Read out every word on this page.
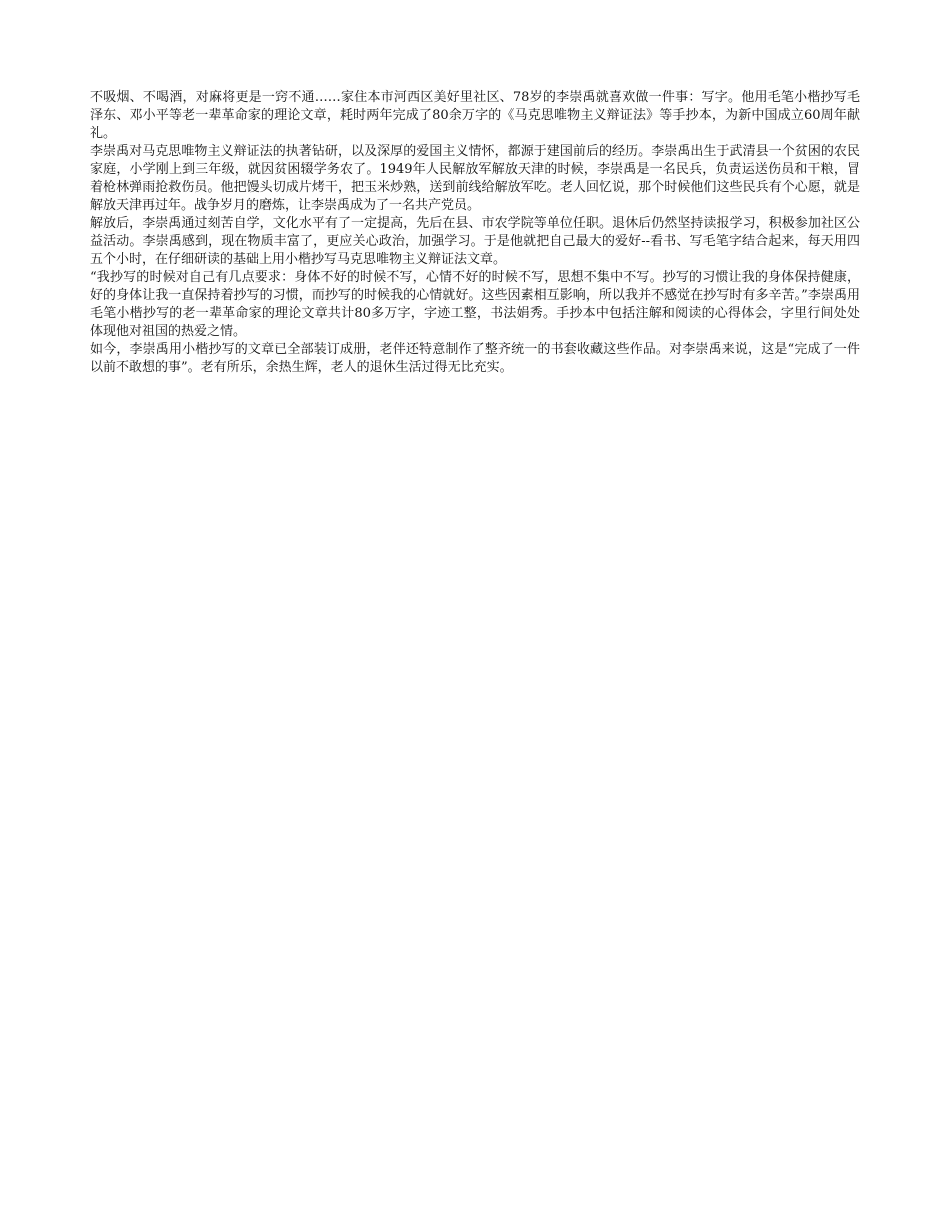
不吸烟、不喝酒，对麻将更是一窍不通……家住本市河西区美好里社区、78岁的李崇禹就喜欢做一件事：写字。他用毛笔小楷抄写毛泽东、邓小平等老一辈革命家的理论文章，耗时两年完成了80余万字的《马克思唯物主义辩证法》等手抄本，为新中国成立60周年献礼。

李崇禹对马克思唯物主义辩证法的执著钻研，以及深厚的爱国主义情怀，都源于建国前后的经历。李崇禹出生于武清县一个贫困的农民家庭，小学刚上到三年级，就因贫困辍学务农了。1949年人民解放军解放天津的时候，李崇禹是一名民兵，负责运送伤员和干粮，冒着枪林弹雨抢救伤员。他把馒头切成片烤干，把玉米炒熟，送到前线给解放军吃。老人回忆说，那个时候他们这些民兵有个心愿，就是解放天津再过年。战争岁月的磨炼，让李崇禹成为了一名共产党员。

解放后，李崇禹通过刻苦自学，文化水平有了一定提高，先后在县、市农学院等单位任职。退休后仍然坚持读报学习，积极参加社区公益活动。李崇禹感到，现在物质丰富了，更应关心政治，加强学习。于是他就把自己最大的爱好--看书、写毛笔字结合起来，每天用四五个小时，在仔细研读的基础上用小楷抄写马克思唯物主义辩证法文章。

“我抄写的时候对自己有几点要求：身体不好的时候不写，心情不好的时候不写，思想不集中不写。抄写的习惯让我的身体保持健康，好的身体让我一直保持着抄写的习惯，而抄写的时候我的心情就好。这些因素相互影响，所以我并不感觉在抄写时有多辛苦。”李崇禹用毛笔小楷抄写的老一辈革命家的理论文章共计80多万字，字迹工整，书法娟秀。手抄本中包括注解和阅读的心得体会，字里行间处处体现他对祖国的热爱之情。

如今，李崇禹用小楷抄写的文章已全部装订成册，老伴还特意制作了整齐统一的书套收藏这些作品。对李崇禹来说，这是“完成了一件以前不敢想的事”。老有所乐，余热生辉，老人的退休生活过得无比充实。
